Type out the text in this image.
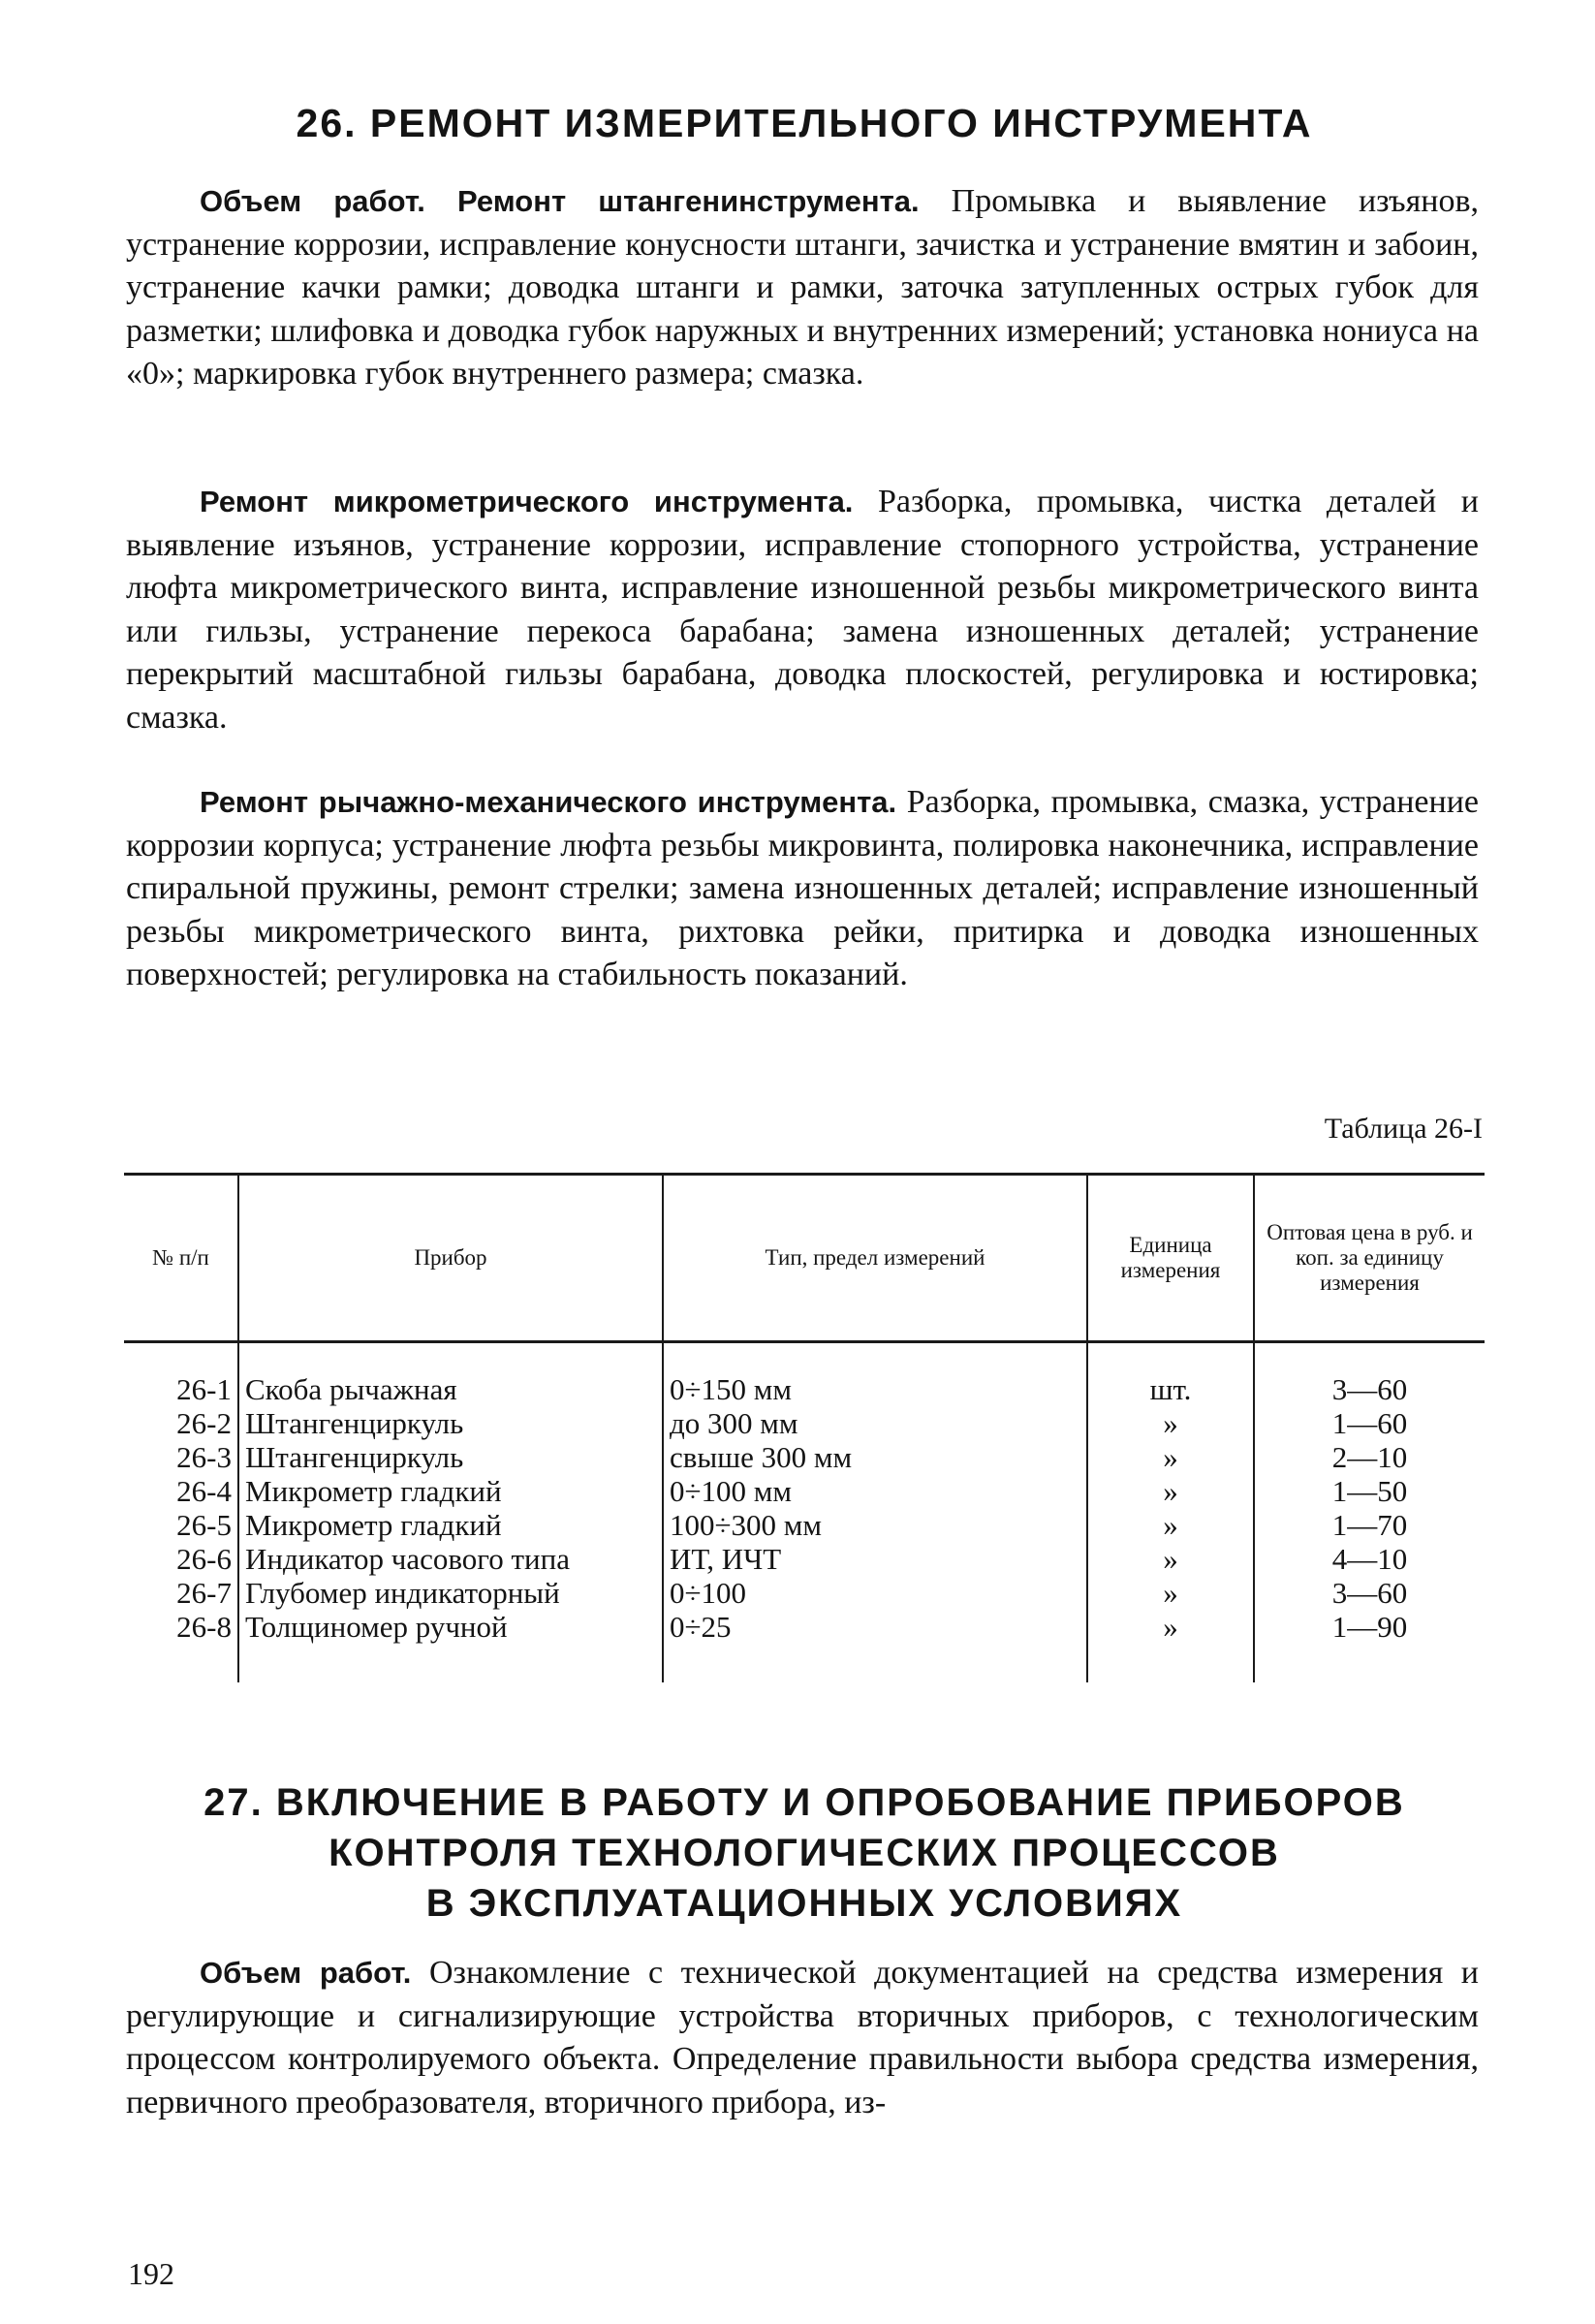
26. РЕМОНТ ИЗМЕРИТЕЛЬНОГО ИНСТРУМЕНТА
Объем работ. Ремонт штангенинструмента. Промывка и выявление изъянов, устранение коррозии, исправление конусности штанги, зачистка и устранение вмятин и забоин, устранение качки рамки; доводка штанги и рамки, заточка затупленных острых губок для разметки; шлифовка и доводка губок наружных и внутренних измерений; установка нониуса на «0»; маркировка губок внутреннего размера; смазка.
Ремонт микрометрического инструмента. Разборка, промывка, чистка деталей и выявление изъянов, устранение коррозии, исправление стопорного устройства, устранение люфта микрометрического винта, исправление изношенной резьбы микрометрического винта или гильзы, устранение перекоса барабана; замена изношенных деталей; устранение перекрытий масштабной гильзы барабана, доводка плоскостей, регулировка и юстировка; смазка.
Ремонт рычажно-механического инструмента. Разборка, промывка, смазка, устранение коррозии корпуса; устранение люфта резьбы микровинта, полировка наконечника, исправление спиральной пружины, ремонт стрелки; замена изношенных деталей; исправление изношенный резьбы микрометрического винта, рихтовка рейки, притирка и доводка изношенных поверхностей; регулировка на стабильность показаний.
Таблица 26-I
№ п/п	Прибор	Тип, предел измерений	Единица измерения	Оптовая цена в руб. и коп. за единицу измерения
26-1	Скоба рычажная	0÷150 мм	шт.	3—60
26-2	Штангенциркуль	до 300 мм	»	1—60
26-3	Штангенциркуль	свыше 300 мм	»	2—10
26-4	Микрометр гладкий	0÷100 мм	»	1—50
26-5	Микрометр гладкий	100÷300 мм	»	1—70
26-6	Индикатор часового типа	ИТ, ИЧТ	»	4—10
26-7	Глубомер индикаторный	0÷100	»	3—60
26-8	Толщиномер ручной	0÷25	»	1—90
27. ВКЛЮЧЕНИЕ В РАБОТУ И ОПРОБОВАНИЕ ПРИБОРОВ
КОНТРОЛЯ ТЕХНОЛОГИЧЕСКИХ ПРОЦЕССОВ
В ЭКСПЛУАТАЦИОННЫХ УСЛОВИЯХ
Объем работ. Ознакомление с технической документацией на средства измерения и регулирующие и сигнализирующие устройства вторичных приборов, с технологическим процессом контролируемого объекта. Определение правильности выбора средства измерения, первичного преобразователя, вторичного прибора, из-
192
